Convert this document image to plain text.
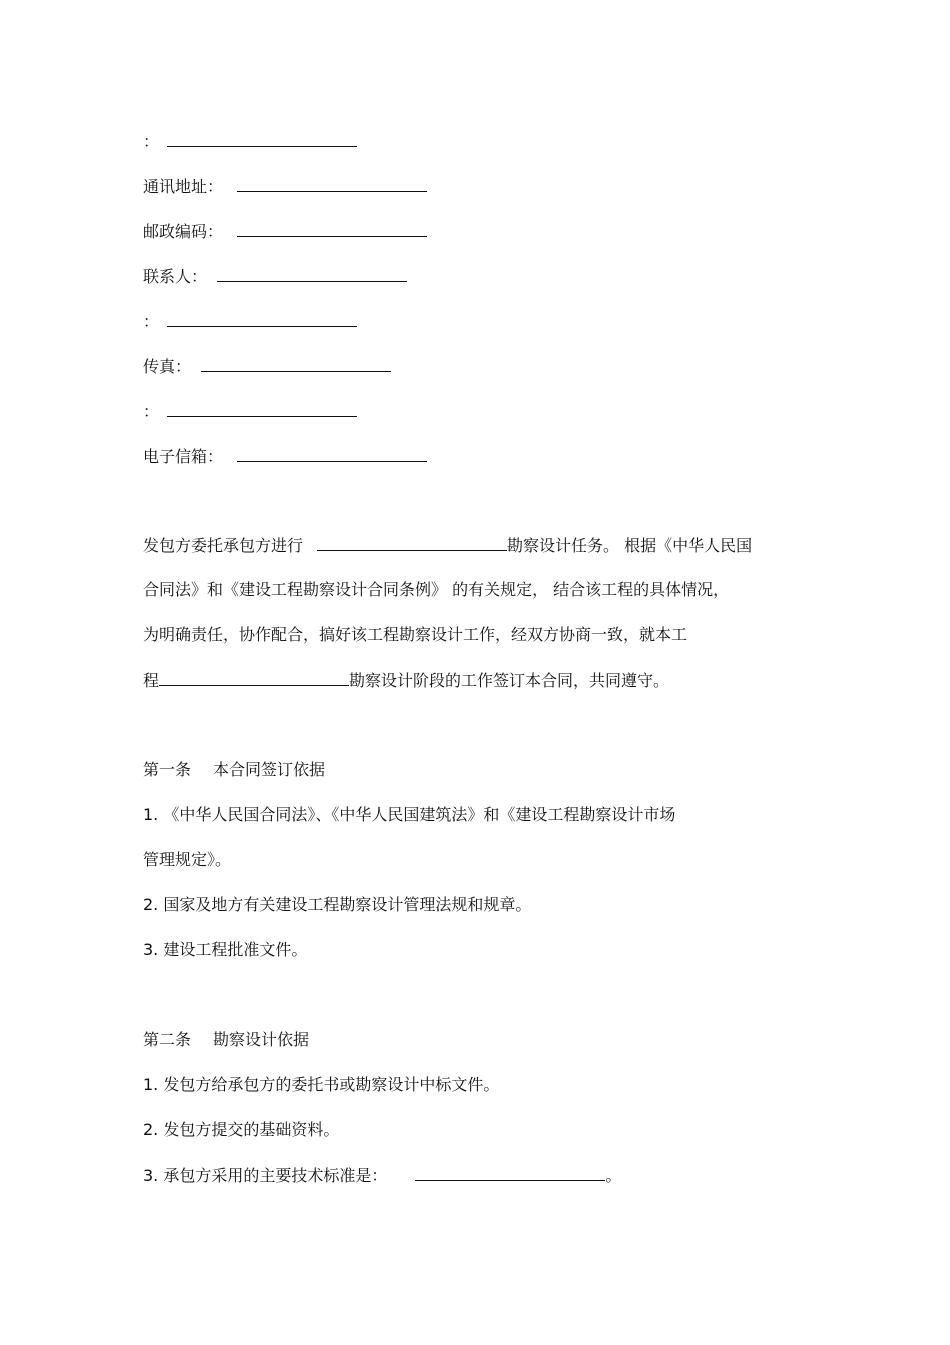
：
通讯地址：
邮政编码：
联系人：
：
传真：
：
电子信箱：
发包方委托承包方进行	勘察设计任务。 根据《中华人民国
合同法》和《建设工程勘察设计合同条例》 的有关规定， 结合该工程的具体情况，
为明确责任，协作配合，搞好该工程勘察设计工作，经双方协商一致，就本工
程	勘察设计阶段的工作签订本合同，共同遵守。
第一条 本合同签订依据
1. 《中华人民国合同法》、《中华人民国建筑法》和《建设工程勘察设计市场
管理规定》。
2. 国家及地方有关建设工程勘察设计管理法规和规章。
3. 建设工程批准文件。
第二条 勘察设计依据
1. 发包方给承包方的委托书或勘察设计中标文件。
2. 发包方提交的基础资料。
3. 承包方采用的主要技术标准是：	。
